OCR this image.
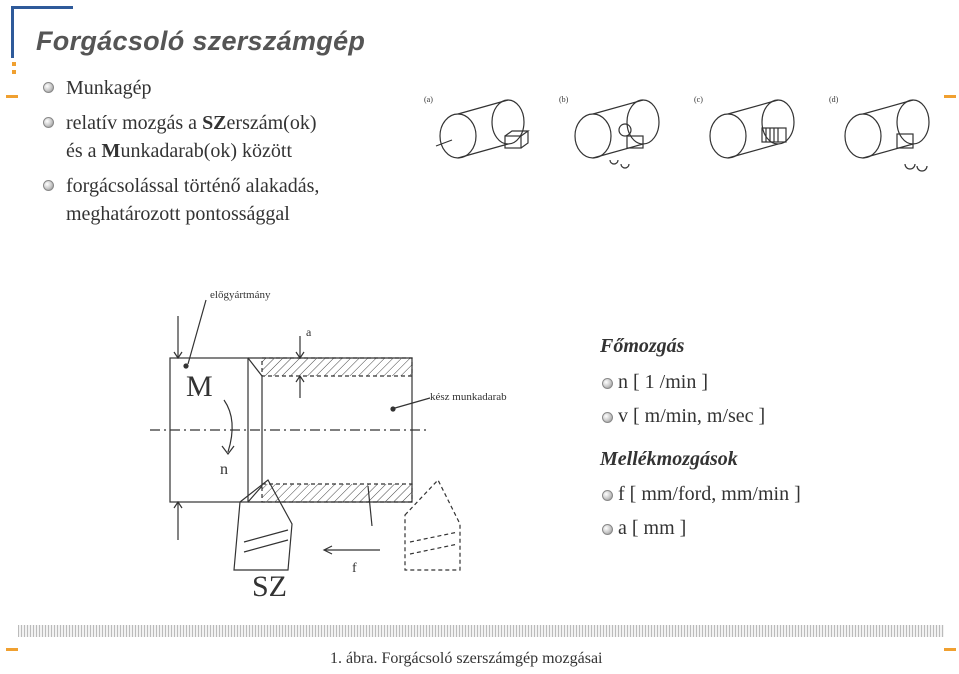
Forgácsoló szerszámgép
Munkagép
relatív mozgás a SZerszám(ok)
és a Munkadarab(ok) között
forgácsolással történő alakadás,
meghatározott pontossággal
(a)	(b)	(c)	(d)
előgyártmány
a
M
n
kész munkadarab
SZ
f
Főmozgás
n [ 1 /min ]
v [ m/min, m/sec ]
Mellékmozgások
f [ mm/ford, mm/min ]
a [ mm ]
1. ábra. Forgácsoló szerszámgép mozgásai
